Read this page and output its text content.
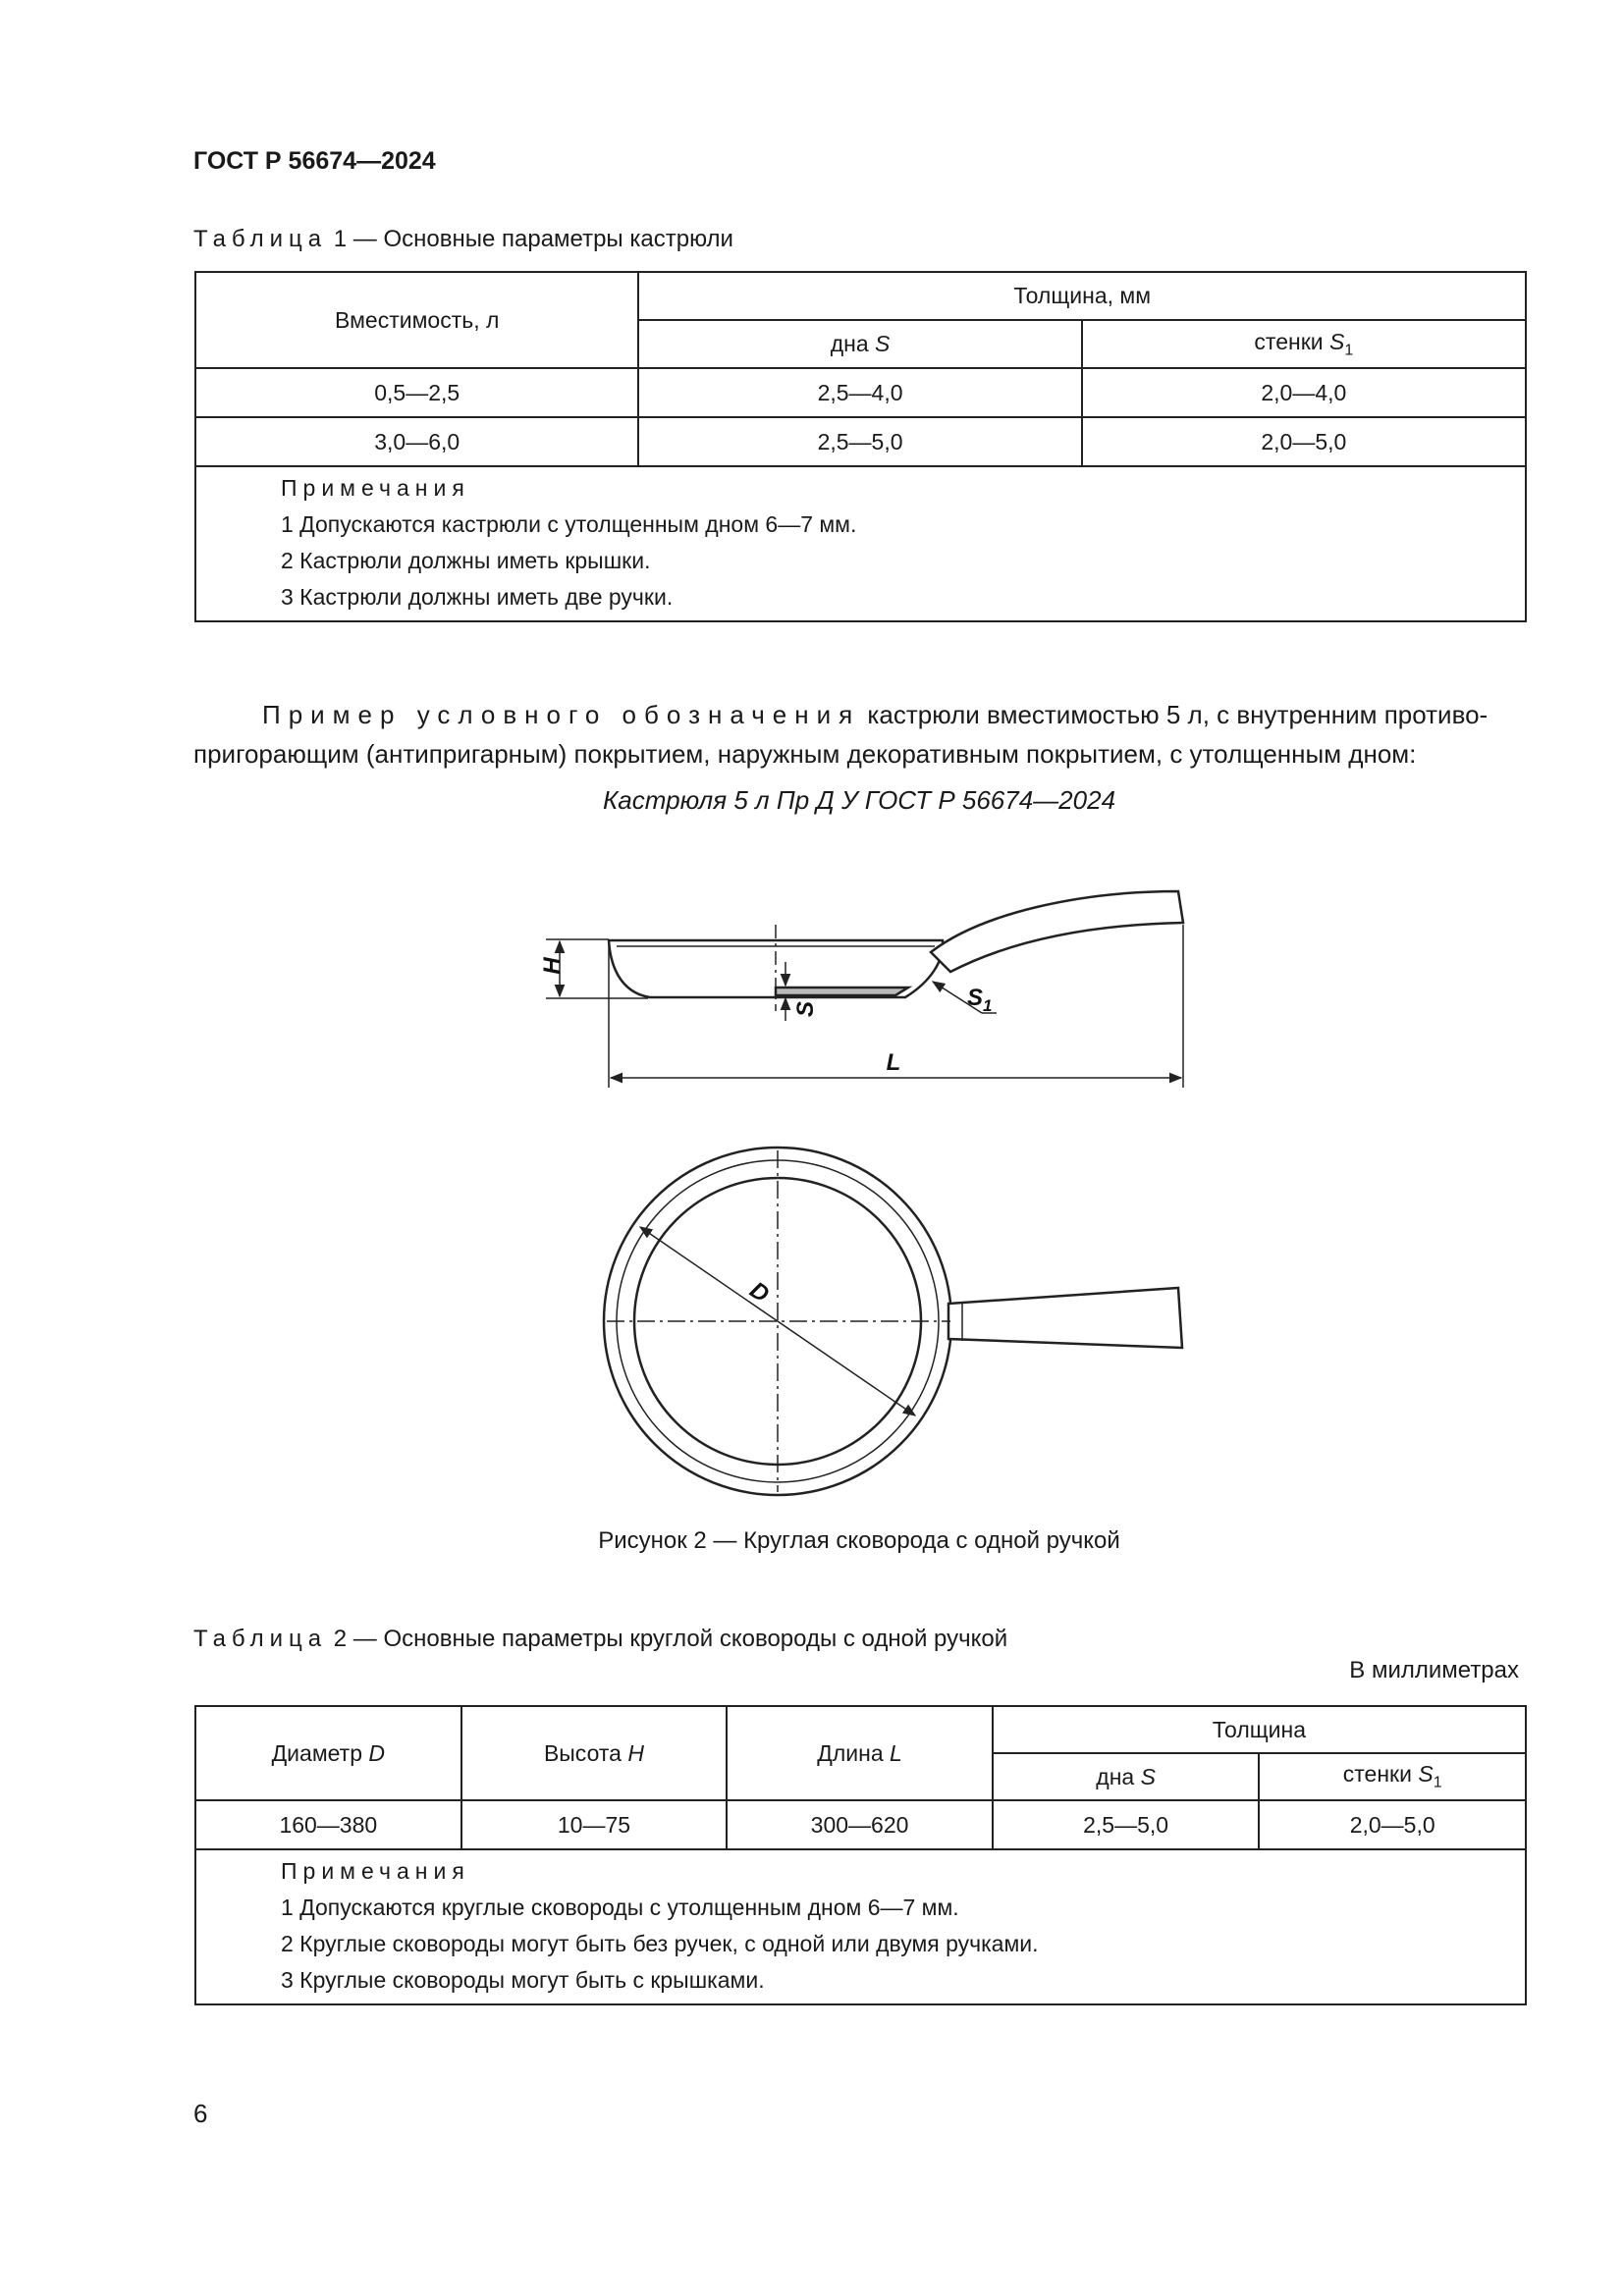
ГОСТ Р 56674—2024
Таблица 1 — Основные параметры кастрюли
Вместимость, л	Толщина, мм	
	дна S	стенки $S_1$
0,5—2,5	2,5—4,0	2,0—4,0
3,0—6,0	2,5—5,0	2,0—5,0

Примечания
1 Допускаются кастрюли с утолщенным дном 6—7 мм.
2 Кастрюли должны иметь крышки.
3 Кастрюли должны иметь две ручки.		
Пример условного обозначения кастрюли вместимостью 5 л, с внутренним противо-пригорающим (антипригарным) покрытием, наружным декоративным покрытием, с утолщенным дном:
Кастрюля 5 л Пр Д У ГОСТ Р 56674—2024
H
S	$S_1$
L
D
Рисунок 2 — Круглая сковорода с одной ручкой
Таблица 2 — Основные параметры круглой сковороды с одной ручкой
В миллиметрах
Диаметр D	Высота H	Длина L	Толщина	
			дна S	стенки $S_1$
160—380	10—75	300—620	2,5—5,0	2,0—5,0

Примечания
1 Допускаются круглые сковороды с утолщенным дном 6—7 мм.
2 Круглые сковороды могут быть без ручек, с одной или двумя ручками.
3 Круглые сковороды могут быть с крышками.				
6
